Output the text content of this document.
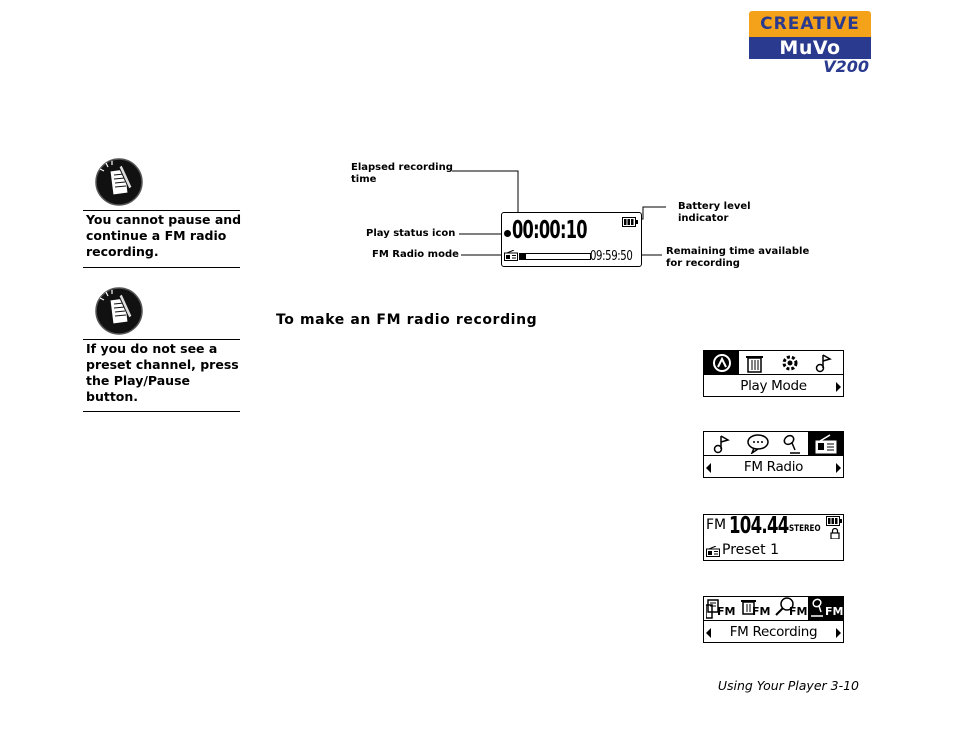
CREATIVE
MuVo
V200
You cannot pause and continue a FM radio recording.
If you do not see a preset channel, press the Play/Pause button.
Elapsed recording time
Battery level indicator
Play status icon
FM Radio mode	Remaining time available for recording
00:00:10
09:59:50
To make an FM radio recording
Play Mode
FM Radio
FM 104.44 STEREO
Preset 1
FM FM FM FM
FM Recording
Using Your Player 3-10
